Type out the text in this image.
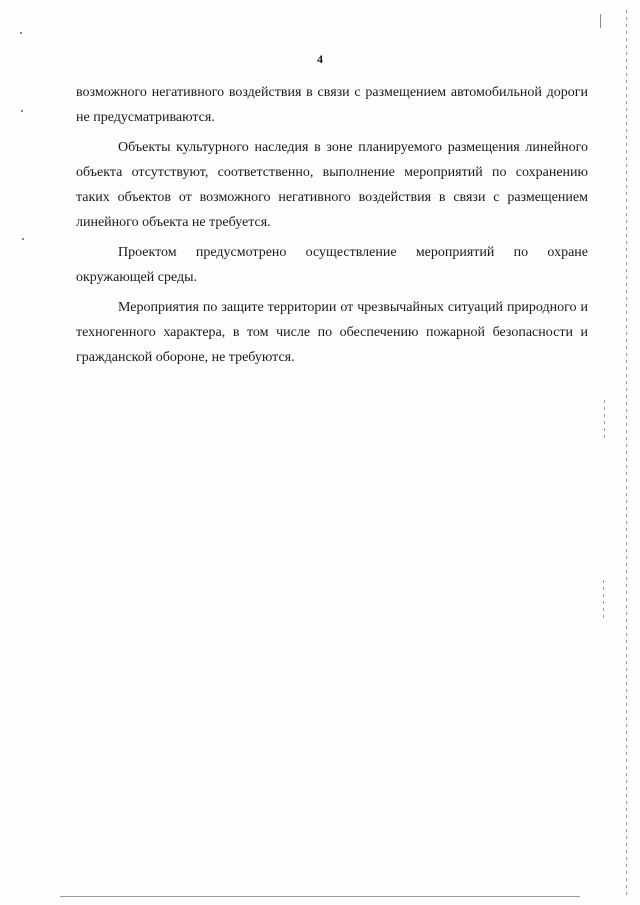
4

возможного негативного воздействия в связи с размещением автомобильной дороги не предусматриваются.

Объекты культурного наследия в зоне планируемого размещения линейного объекта отсутствуют, соответственно, выполнение мероприятий по сохранению таких объектов от возможного негативного воздействия в связи с размещением линейного объекта не требуется.

Проектом предусмотрено осуществление мероприятий по охране

окружающей среды.

Мероприятия по защите территории от чрезвычайных ситуаций природного и техногенного характера, в том числе по обеспечению пожарной безопасности и гражданской обороне, не требуются.
